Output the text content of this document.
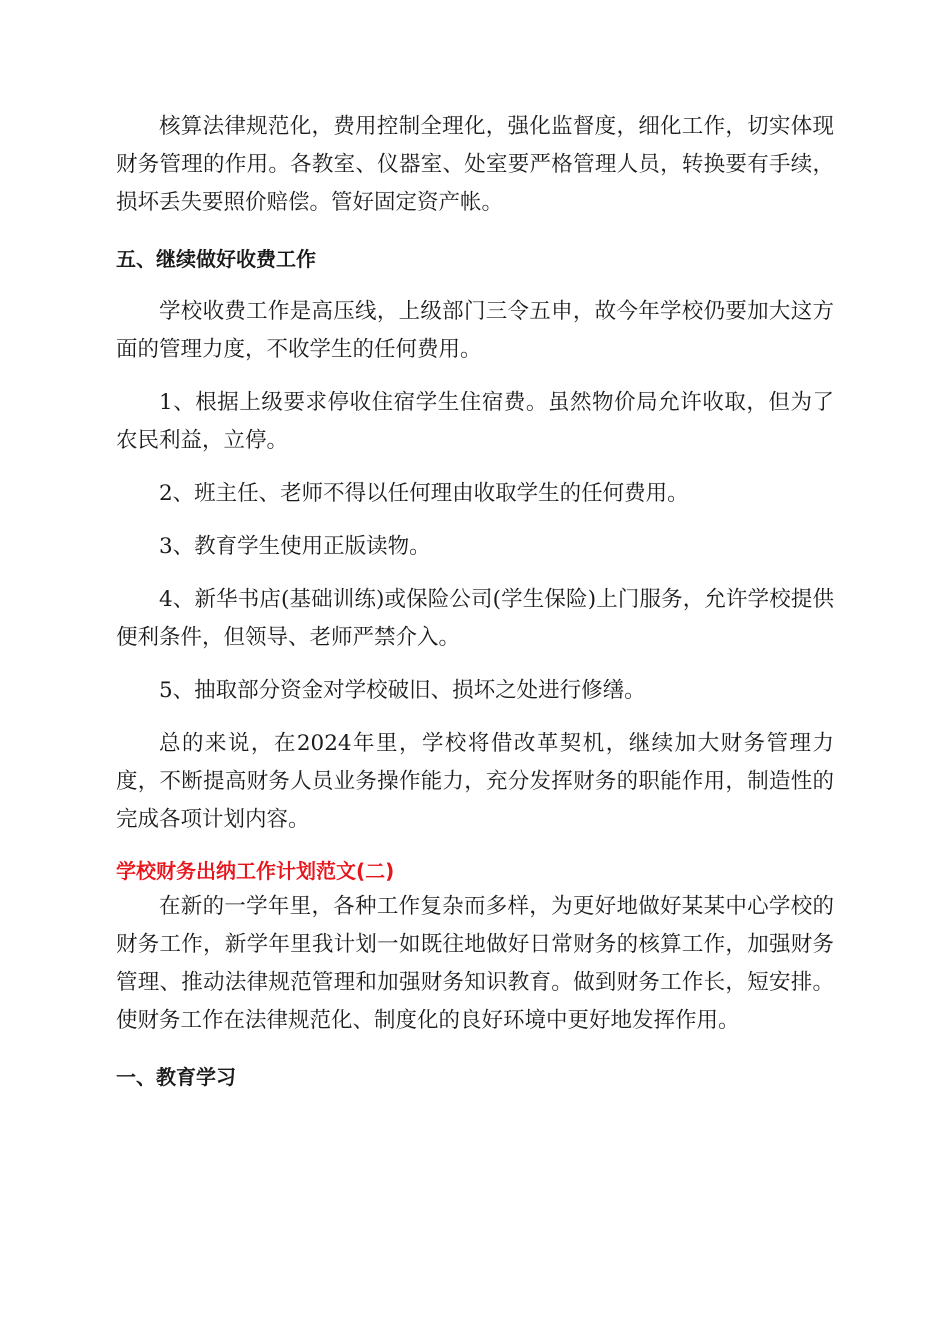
核算法律规范化，费用控制全理化，强化监督度，细化工作，切实体现财务管理的作用。各教室、仪器室、处室要严格管理人员，转换要有手续，损坏丢失要照价赔偿。管好固定资产帐。

五、继续做好收费工作

学校收费工作是高压线，上级部门三令五申，故今年学校仍要加大这方面的管理力度，不收学生的任何费用。

1、根据上级要求停收住宿学生住宿费。虽然物价局允许收取，但为了农民利益，立停。

2、班主任、老师不得以任何理由收取学生的任何费用。

3、教育学生使用正版读物。

4、新华书店(基础训练)或保险公司(学生保险)上门服务，允许学校提供便利条件，但领导、老师严禁介入。

5、抽取部分资金对学校破旧、损坏之处进行修缮。

总的来说，在2024年里，学校将借改革契机，继续加大财务管理力度，不断提高财务人员业务操作能力，充分发挥财务的职能作用，制造性的完成各项计划内容。

学校财务出纳工作计划范文(二)

在新的一学年里，各种工作复杂而多样，为更好地做好某某中心学校的财务工作，新学年里我计划一如既往地做好日常财务的核算工作，加强财务管理、推动法律规范管理和加强财务知识教育。做到财务工作长，短安排。使财务工作在法律规范化、制度化的良好环境中更好地发挥作用。

一、教育学习
